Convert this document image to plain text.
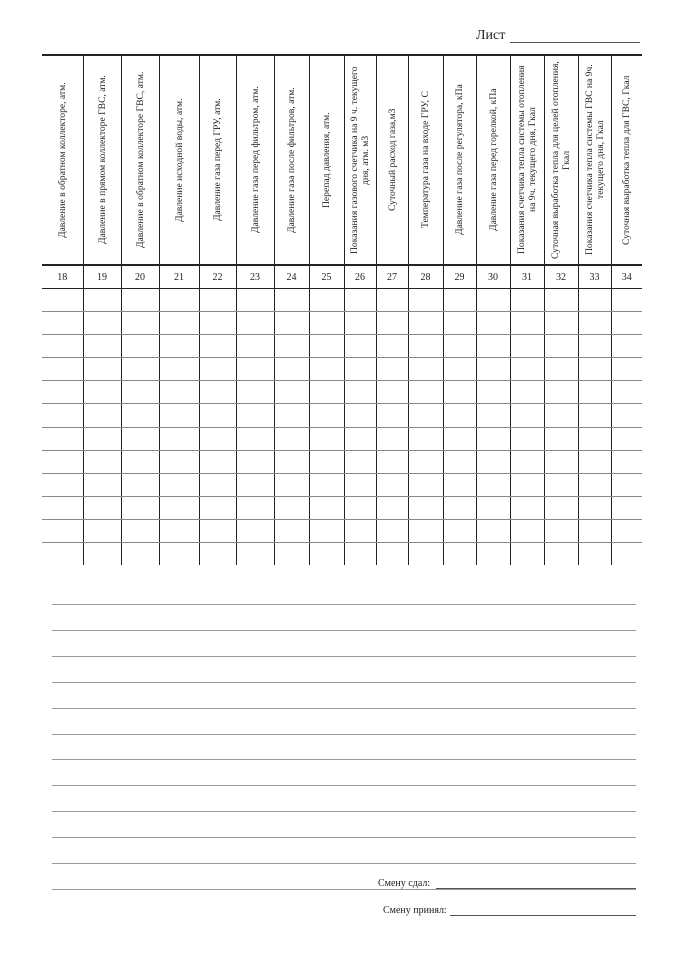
Лист
Давление в обратном коллекторе, атм.	Давление в прямом коллекторе ГВС, атм.	Давление в обратном коллекторе ГВС, атм.	Давление исходной воды, атм.	Давление газа перед ГРУ, атм.	Давление газа перед фильтром, атм.	Давление газа после фильтров, атм.	Перепад давления, атм.	Показания газового счетчика на 9 ч. текущего дня, атм. м3	Суточный расход газа,м3	Температура газа на входе ГРУ, С	Давление газа после регулятора, кПа	Давление газа перед горелкой, кПа	Показания счетчика тепла системы отопления на 9ч. текущего дня, Гкал	Суточная выработка тепла для целей отопления, Гкал	Показания счетчика тепла системы ГВС на 9ч. текущего дня, Гкал	Суточная выработка тепла для ГВС, Гкал

18	19	20	21	22	23	24	25	26	27	28	29	30	31	32	33	34

Смену сдал:
Смену принял:
